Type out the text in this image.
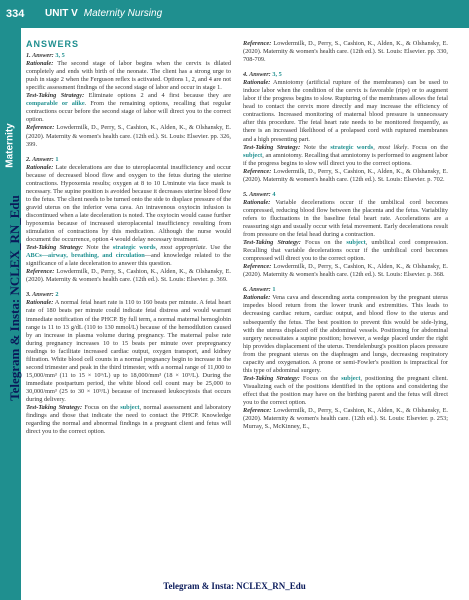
334 UNIT V Maternity Nursing
Maternity
Telegram & Insta: NCLEX_RN_Edu
ANSWERS

1. Answer: 3, 5

Rationale: The second stage of labor begins when the cervix is dilated completely and ends with birth of the neonate. The client has a strong urge to push in stage 2 when the Ferguson reflex is activated. Options 1, 2, and 4 are not specific assessment findings of the second stage of labor and occur in stage 1.

Test-Taking Strategy: Eliminate options 2 and 4 first because they are comparable or alike. From the remaining options, recalling that regular contractions occur before the second stage of labor will direct you to the correct option.

Reference: Lowdermilk, D., Perry, S., Cashion, K., Alden, K., & Olshansky, E. (2020). Maternity & women's health care. (12th ed.). St. Louis: Elsevier. pp. 326, 399.

2. Answer: 1

Rationale: Late decelerations are due to uteroplacental insufficiency and occur because of decreased blood flow and oxygen to the fetus during the uterine contractions. Hypoxemia results; oxygen at 8 to 10 L/minute via face mask is necessary. The supine position is avoided because it decreases uterine blood flow to the fetus. The client needs to be turned onto the side to displace pressure of the gravid uterus on the inferior vena cava. An intravenous oxytocin infusion is discontinued when a late deceleration is noted. The oxytocin would cause further hypoxemia because of increased uteroplacental insufficiency resulting from stimulation of contractions by this medication. Although the nurse would document the occurrence, option 4 would delay necessary treatment.

Test-Taking Strategy: Note the strategic words, most appropriate. Use the ABCs—airway, breathing, and circulation—and knowledge related to the significance of a late deceleration to answer this question.

Reference: Lowdermilk, D., Perry, S., Cashion, K., Alden, K., & Olshansky, E. (2020). Maternity & women's health care. (12th ed.). St. Louis: Elsevier. p. 369.

3. Answer: 2

Rationale: A normal fetal heart rate is 110 to 160 beats per minute. A fetal heart rate of 180 beats per minute could indicate fetal distress and would warrant immediate notification of the PHCP. By full term, a normal maternal hemoglobin range is 11 to 13 g/dL (110 to 130 mmol/L) because of the hemodilution caused by an increase in plasma volume during pregnancy. The maternal pulse rate during pregnancy increases 10 to 15 beats per minute over prepregnancy readings to facilitate increased cardiac output, oxygen transport, and kidney filtration. White blood cell counts in a normal pregnancy begin to increase in the second trimester and peak in the third trimester, with a normal range of 11,000 to 15,000/mm³ (11 to 15 × 10⁹/L) up to 18,000/mm³ (18 × 10⁹/L). During the immediate postpartum period, the white blood cell count may be 25,000 to 30,000/mm³ (25 to 30 × 10⁹/L) because of increased leukocytosis that occurs during delivery.

Test-Taking Strategy: Focus on the subject, normal assessment and laboratory findings and those that indicate the need to contact the PHCP. Knowledge regarding the normal and abnormal findings in a pregnant client and fetus will direct you to the correct option.

Reference: Lowdermilk, D., Perry, S., Cashion, K., Alden, K., & Olshansky, E. (2020). Maternity & women's health care. (12th ed.). St. Louis: Elsevier. pp. 330, 708-709.

4. Answer: 3, 5

Rationale: Amniotomy (artificial rupture of the membranes) can be used to induce labor when the condition of the cervix is favorable (ripe) or to augment labor if the progress begins to slow. Rupturing of the membranes allows the fetal head to contact the cervix more directly and may increase the efficiency of contractions. Increased monitoring of maternal blood pressure is unnecessary after this procedure. The fetal heart rate needs to be monitored frequently, as there is an increased likelihood of a prolapsed cord with ruptured membranes and a high presenting part.

Test-Taking Strategy: Note the strategic words, most likely. Focus on the subject, an amniotomy. Recalling that amniotomy is performed to augment labor if the progress begins to slow will direct you to the correct options.

Reference: Lowdermilk, D., Perry, S., Cashion, K., Alden, K., & Olshansky, E. (2020). Maternity & women's health care. (12th ed.). St. Louis: Elsevier. p. 702.

5. Answer: 4

Rationale: Variable decelerations occur if the umbilical cord becomes compressed, reducing blood flow between the placenta and the fetus. Variability refers to fluctuations in the baseline fetal heart rate. Accelerations are a reassuring sign and usually occur with fetal movement. Early decelerations result from pressure on the fetal head during a contraction.

Test-Taking Strategy: Focus on the subject, umbilical cord compression. Recalling that variable decelerations occur if the umbilical cord becomes compressed will direct you to the correct option.

Reference: Lowdermilk, D., Perry, S., Cashion, K., Alden, K., & Olshansky, E. (2020). Maternity & women's health care. (12th ed.). St. Louis: Elsevier. p. 368.

6. Answer: 1

Rationale: Vena cava and descending aorta compression by the pregnant uterus impedes blood return from the lower trunk and extremities. This leads to decreasing cardiac return, cardiac output, and blood flow to the uterus and subsequently the fetus. The best position to prevent this would be side-lying, with the uterus displaced off the abdominal vessels. Positioning for abdominal surgery necessitates a supine position; however, a wedge placed under the right hip provides displacement of the uterus. Trendelenburg's position places pressure from the pregnant uterus on the diaphragm and lungs, decreasing respiratory capacity and oxygenation. A prone or semi-Fowler's position is impractical for this type of abdominal surgery.

Test-Taking Strategy: Focus on the subject, positioning the pregnant client. Visualizing each of the positions identified in the options and considering the effect that the position may have on the birthing parent and the fetus will direct you to the correct option.

Reference: Lowdermilk, D., Perry, S., Cashion, K., Alden, K., & Olshansky, E. (2020). Maternity & women's health care. (12th ed.). St. Louis: Elsevier. p. 253; Murray, S., McKinney, E.,

Telegram & Insta: NCLEX_RN_Edu
